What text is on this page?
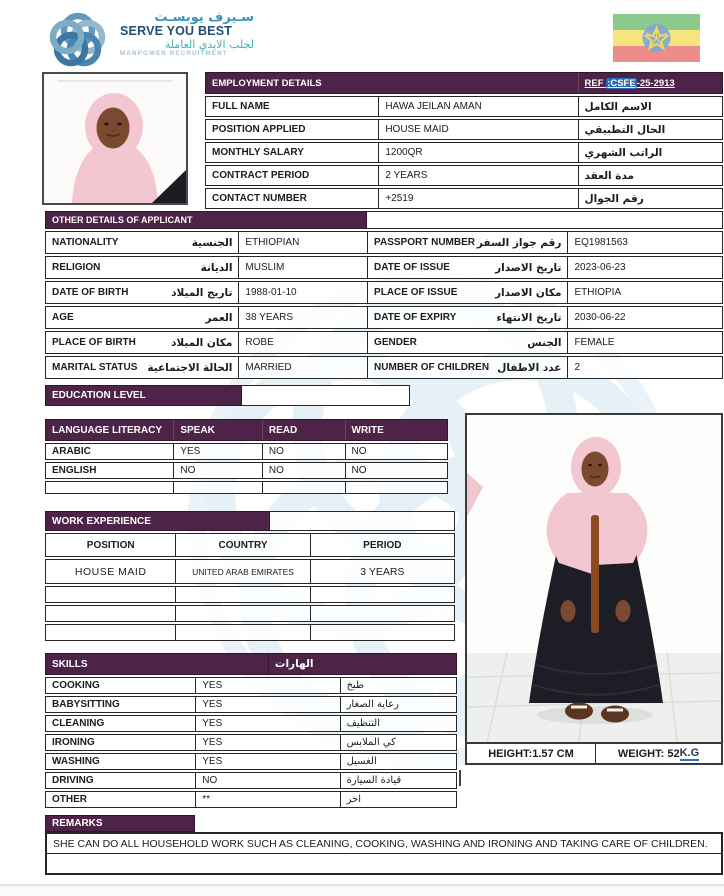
سـيرف يوبسـت
SERVE YOU BEST
لجلب الايدي العاملة
MANPOWER RECRUITMENT
EMPLOYMENT DETAILS	REF :CSFE-25-2913
FULL NAME	HAWA JEILAN AMAN	الاسم الكامل
POSITION APPLIED	HOUSE MAID	الحال التطبيقي
MONTHLY SALARY	1200QR	الراتب الشهري
CONTRACT PERIOD	2 YEARS	مدة العقد
CONTACT NUMBER	+2519	رقم الجوال
OTHER DETAILS OF APPLICANT
NATIONALITY	الجنسية	ETHIOPIAN	PASSPORT NUMBER رقم جواز السفر	EQ1981563
RELIGION	الديانة	MUSLIM	DATE OF ISSUE	تاريخ الاصدار	2023-06-23
DATE OF BIRTH	تاريج الميلاد	1988-01-10	PLACE OF ISSUE	مكان الاصدار	ETHIOPIA
AGE	العمر	38 YEARS	DATE OF EXPIRY	تاريخ الانتهاء	2030-06-22
PLACE OF BIRTH	مكان الميلاد	ROBE	GENDER	الجنس	FEMALE
MARITAL STATUS الحالة الاجتماعية	MARRIED	NUMBER OF CHILDREN عدد الاطفال	2
EDUCATION LEVEL
LANGUAGE LITERACY	SPEAK	READ	WRITE
ARABIC	YES	NO	NO
ENGLISH	NO	NO	NO
WORK EXPERIENCE
POSITION	COUNTRY	PERIOD
HOUSE MAID	UNITED ARAB EMIRATES	3 YEARS
SKILLS	الهارات
COOKING	YES	طبخ
BABYSITTING	YES	رعاية الصغار
CLEANING	YES	التنظيف
IRONING	YES	كي الملابس
WASHING	YES	الغسيل
DRIVING	NO	قيادة السيارة
OTHER	**	اخر
HEIGHT:1.57 CM	WEIGHT: 52 K.G
REMARKS
SHE CAN DO ALL HOUSEHOLD WORK SUCH AS CLEANING, COOKING, WASHING AND IRONING AND TAKING CARE OF CHILDREN.
